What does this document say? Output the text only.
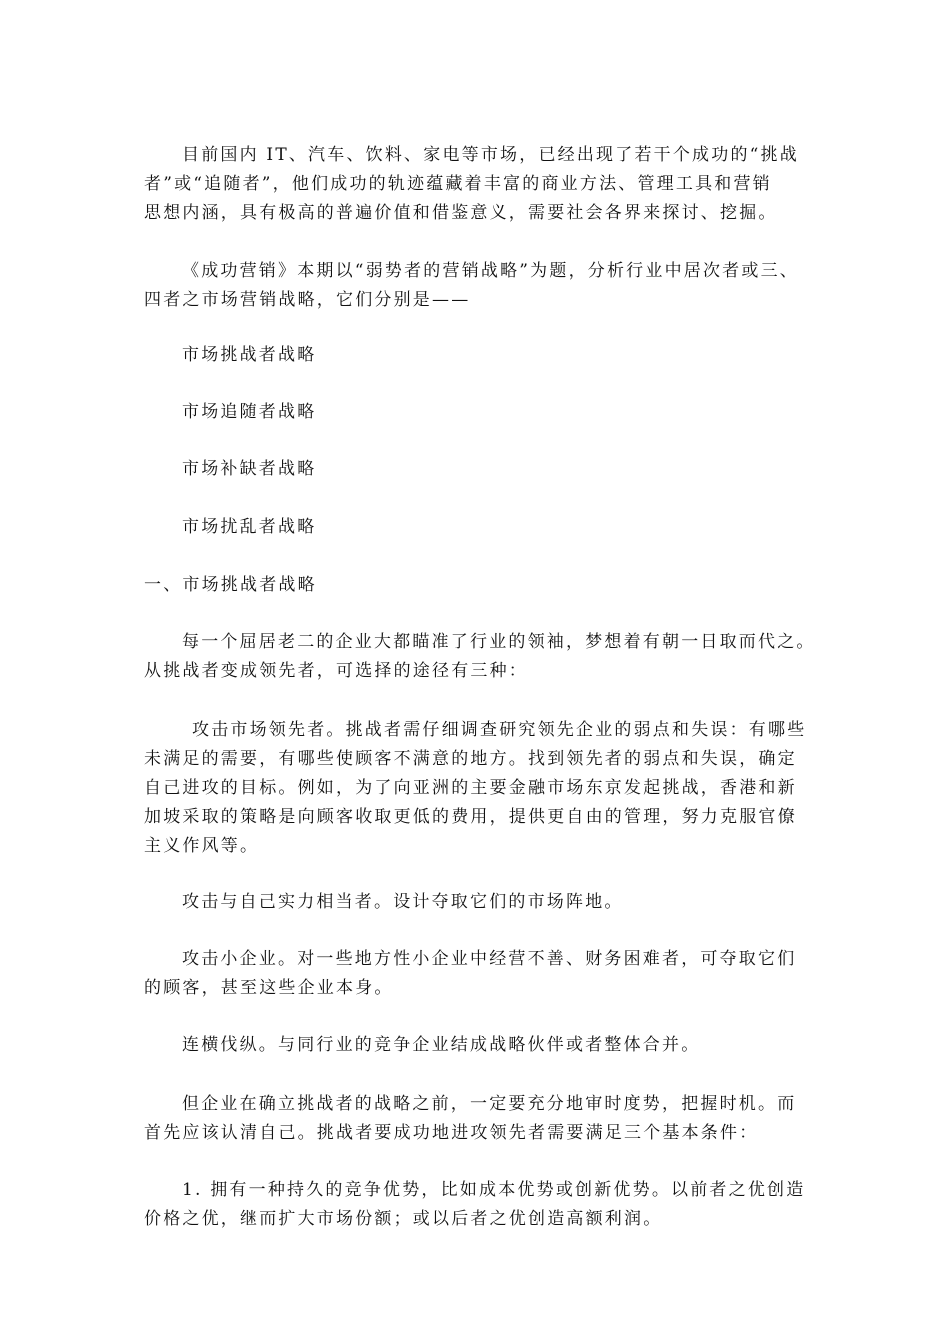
目前国内 IT、汽车、饮料、家电等市场，已经出现了若干个成功的“挑战
者”或“追随者”，他们成功的轨迹蕴藏着丰富的商业方法、管理工具和营销
思想内涵，具有极高的普遍价值和借鉴意义，需要社会各界来探讨、挖掘。
《成功营销》本期以“弱势者的营销战略”为题，分析行业中居次者或三、
四者之市场营销战略，它们分别是——
市场挑战者战略
市场追随者战略
市场补缺者战略
市场扰乱者战略
一、市场挑战者战略
每一个屈居老二的企业大都瞄准了行业的领袖，梦想着有朝一日取而代之。
从挑战者变成领先者，可选择的途径有三种：
攻击市场领先者。挑战者需仔细调查研究领先企业的弱点和失误：有哪些
未满足的需要，有哪些使顾客不满意的地方。找到领先者的弱点和失误，确定
自己进攻的目标。例如，为了向亚洲的主要金融市场东京发起挑战，香港和新
加坡采取的策略是向顾客收取更低的费用，提供更自由的管理，努力克服官僚
主义作风等。
攻击与自己实力相当者。设计夺取它们的市场阵地。
攻击小企业。对一些地方性小企业中经营不善、财务困难者，可夺取它们
的顾客，甚至这些企业本身。
连横伐纵。与同行业的竞争企业结成战略伙伴或者整体合并。
但企业在确立挑战者的战略之前，一定要充分地审时度势，把握时机。而
首先应该认清自己。挑战者要成功地进攻领先者需要满足三个基本条件：
1. 拥有一种持久的竞争优势，比如成本优势或创新优势。以前者之优创造
价格之优，继而扩大市场份额；或以后者之优创造高额利润。
